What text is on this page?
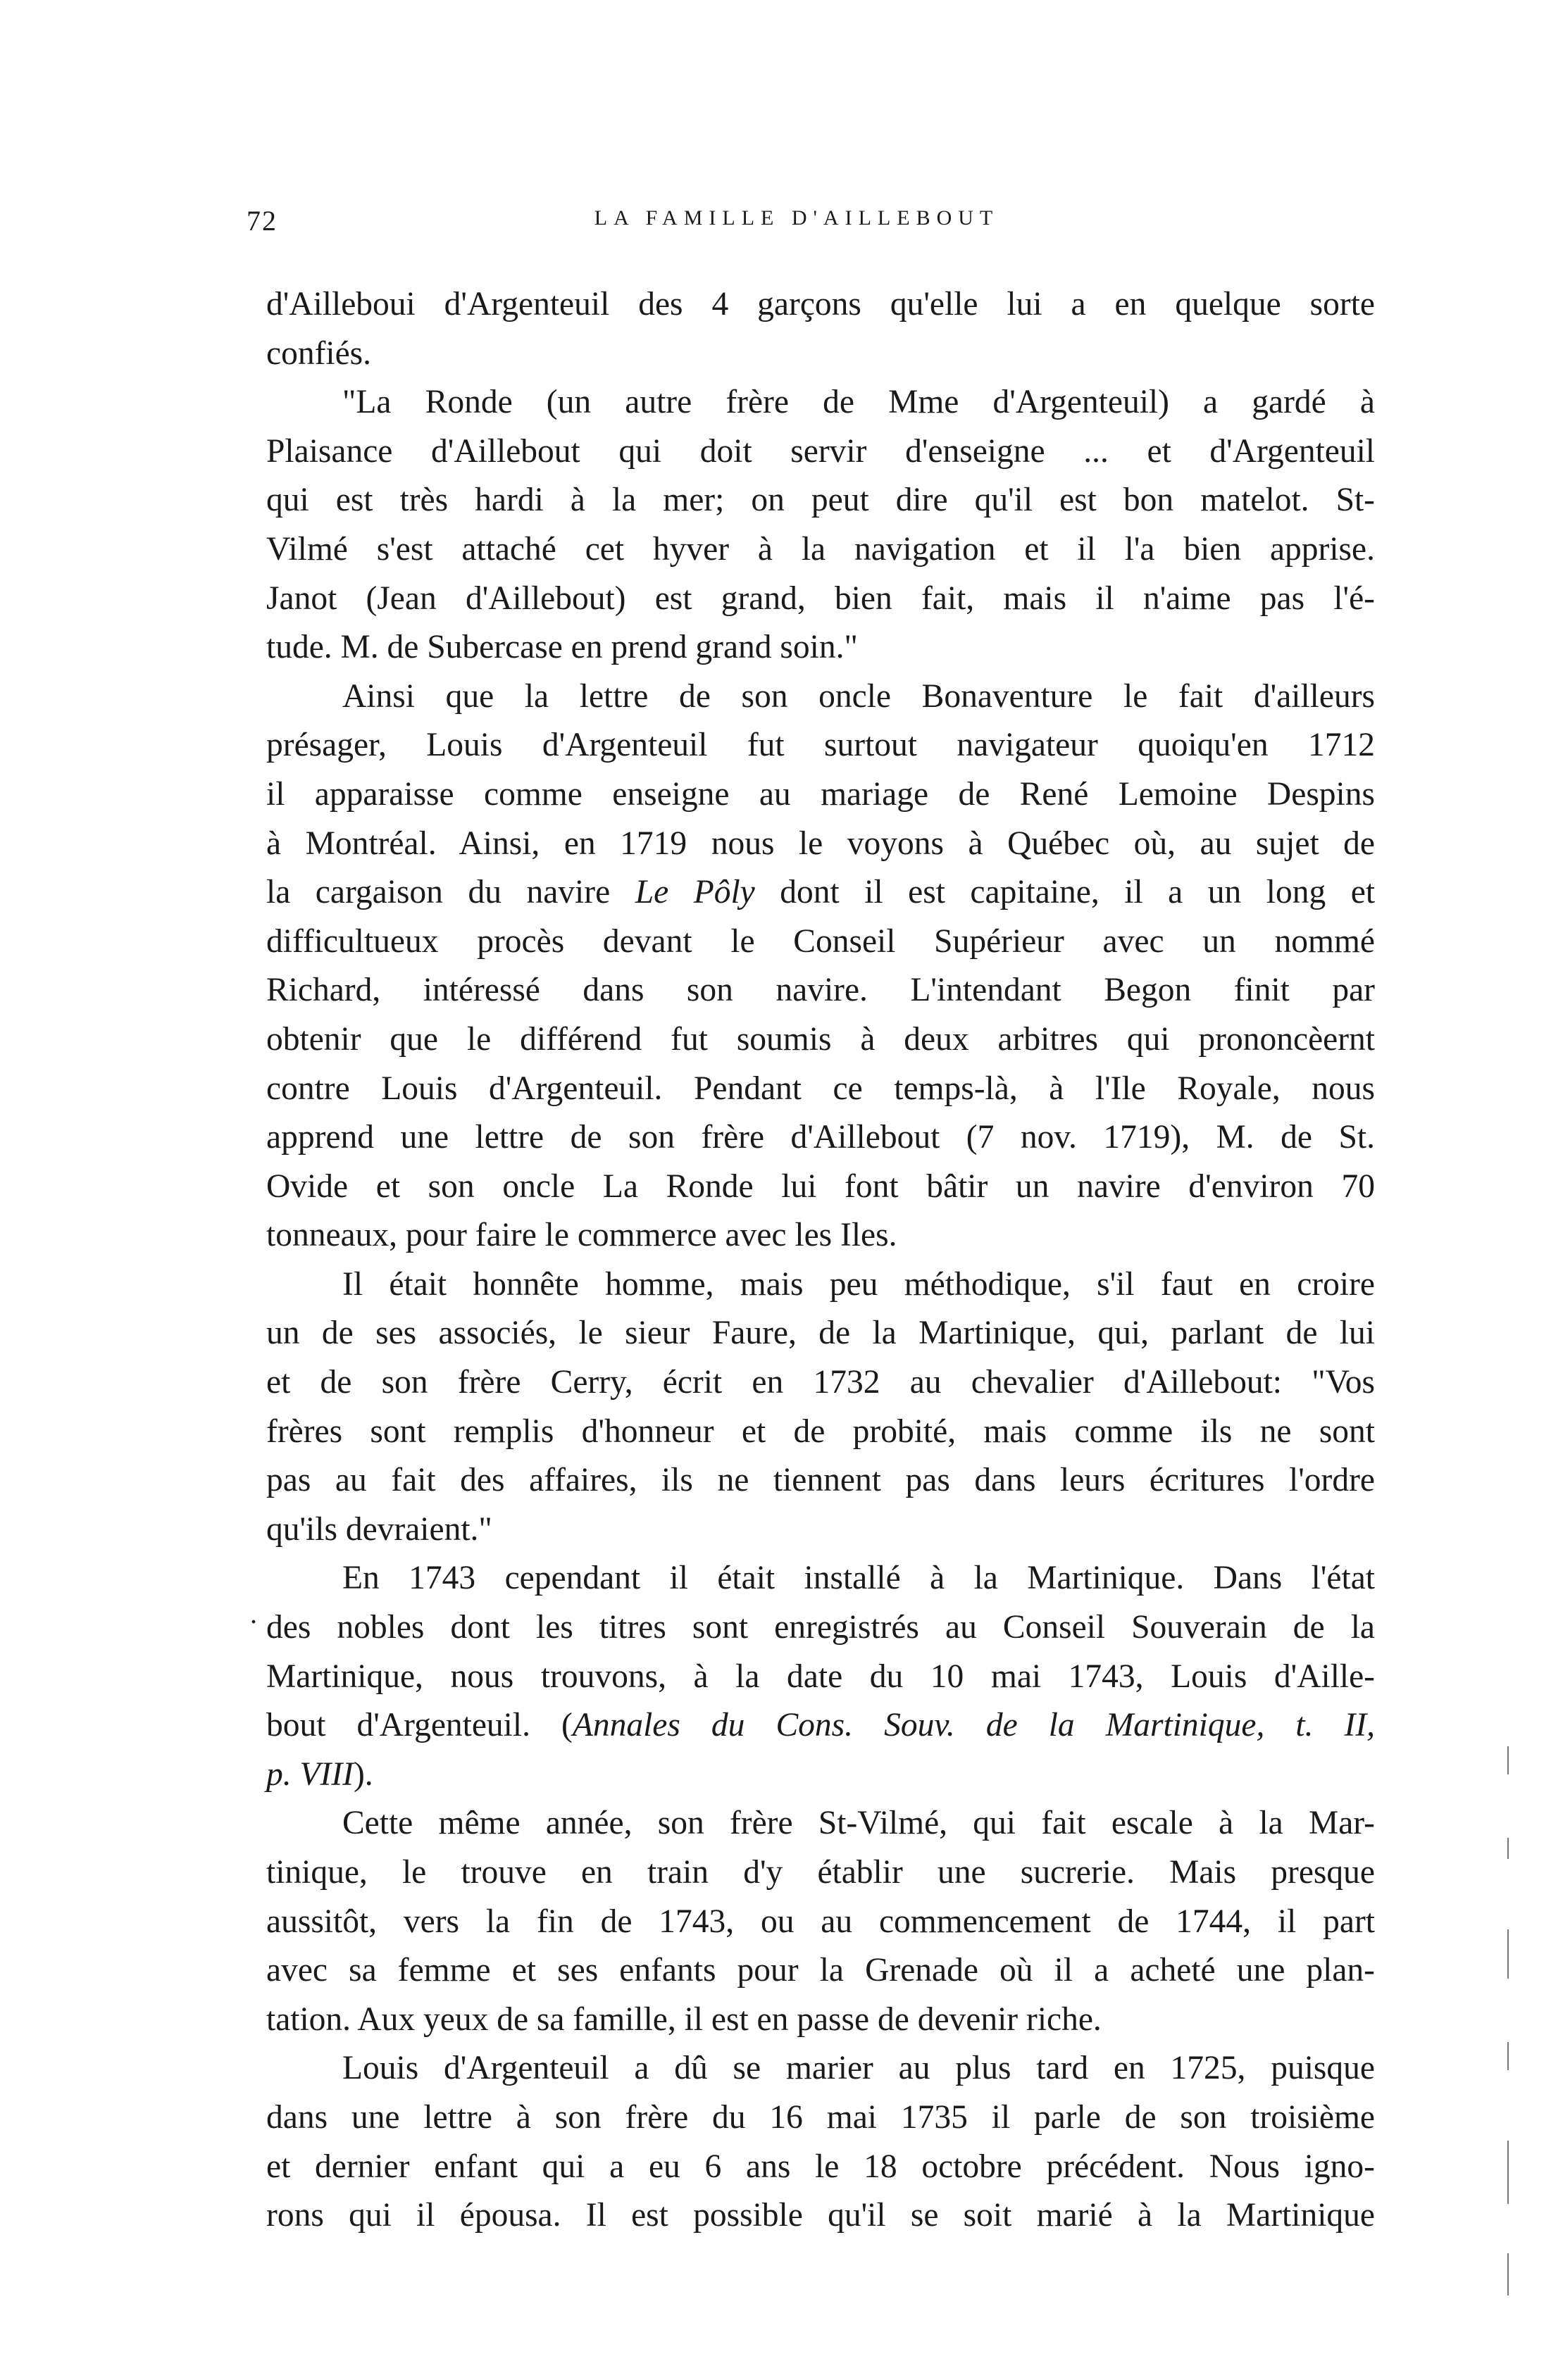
72	LA FAMILLE D'AILLEBOUT
.
d'Ailleboui d'Argenteuil des 4 garçons qu'elle lui a en quelque sorte
confiés.
"La Ronde (un autre frère de Mme d'Argenteuil) a gardé à
Plaisance d'Aillebout qui doit servir d'enseigne ... et d'Argenteuil
qui est très hardi à la mer; on peut dire qu'il est bon matelot. St-
Vilmé s'est attaché cet hyver à la navigation et il l'a bien apprise.
Janot (Jean d'Aillebout) est grand, bien fait, mais il n'aime pas l'é-
tude. M. de Subercase en prend grand soin."
Ainsi que la lettre de son oncle Bonaventure le fait d'ailleurs
présager, Louis d'Argenteuil fut surtout navigateur quoiqu'en 1712
il apparaisse comme enseigne au mariage de René Lemoine Despins
à Montréal. Ainsi, en 1719 nous le voyons à Québec où, au sujet de
la cargaison du navire Le Pôly dont il est capitaine, il a un long et
difficultueux procès devant le Conseil Supérieur avec un nommé
Richard, intéressé dans son navire. L'intendant Begon finit par
obtenir que le différend fut soumis à deux arbitres qui prononcèernt
contre Louis d'Argenteuil. Pendant ce temps-là, à l'Ile Royale, nous
apprend une lettre de son frère d'Aillebout (7 nov. 1719), M. de St.
Ovide et son oncle La Ronde lui font bâtir un navire d'environ 70
tonneaux, pour faire le commerce avec les Iles.
Il était honnête homme, mais peu méthodique, s'il faut en croire
un de ses associés, le sieur Faure, de la Martinique, qui, parlant de lui
et de son frère Cerry, écrit en 1732 au chevalier d'Aillebout: "Vos
frères sont remplis d'honneur et de probité, mais comme ils ne sont
pas au fait des affaires, ils ne tiennent pas dans leurs écritures l'ordre
qu'ils devraient."
En 1743 cependant il était installé à la Martinique. Dans l'état
des nobles dont les titres sont enregistrés au Conseil Souverain de la
Martinique, nous trouvons, à la date du 10 mai 1743, Louis d'Aille-
bout d'Argenteuil. (Annales du Cons. Souv. de la Martinique, t. II,
p. VIII).
Cette même année, son frère St-Vilmé, qui fait escale à la Mar-
tinique, le trouve en train d'y établir une sucrerie. Mais presque
aussitôt, vers la fin de 1743, ou au commencement de 1744, il part
avec sa femme et ses enfants pour la Grenade où il a acheté une plan-
tation. Aux yeux de sa famille, il est en passe de devenir riche.
Louis d'Argenteuil a dû se marier au plus tard en 1725, puisque
dans une lettre à son frère du 16 mai 1735 il parle de son troisième
et dernier enfant qui a eu 6 ans le 18 octobre précédent. Nous igno-
rons qui il épousa. Il est possible qu'il se soit marié à la Martinique
